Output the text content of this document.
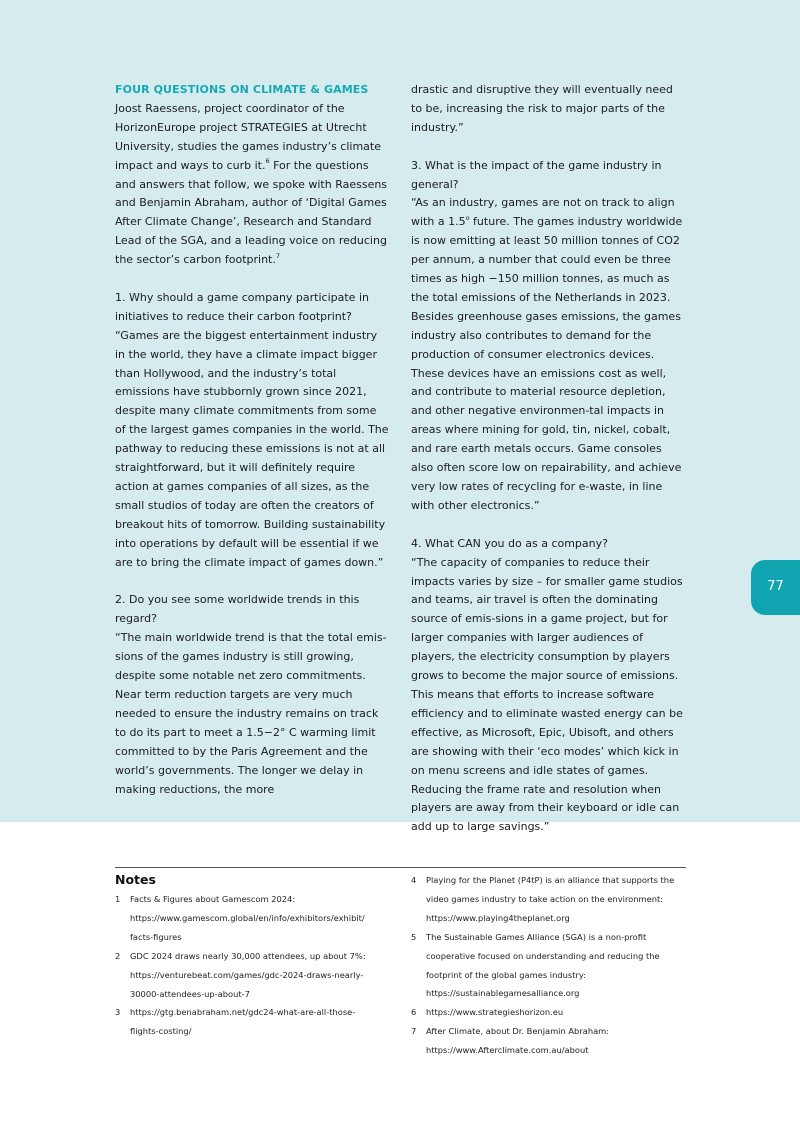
FOUR QUESTIONS ON CLIMATE & GAMES

Joost Raessens, project coordinator of the HorizonEurope project STRATEGIES at Utrecht University, studies the games industry’s climate impact and ways to curb it.$^6$ For the questions and answers that follow, we spoke with Raessens and Benjamin Abraham, author of ‘Digital Games After Climate Change’, Research and Standard Lead of the SGA, and a leading voice on reducing the sector’s carbon footprint.$^7$

1. Why should a game company participate in initiatives to reduce their carbon footprint?

“Games are the biggest entertainment industry in the world, they have a climate impact bigger than Hollywood, and the industry’s total emissions have stubbornly grown since 2021, despite many climate commitments from some of the largest games companies in the world. The pathway to reducing these emissions is not at all straightforward, but it will definitely require action at games companies of all sizes, as the small studios of today are often the creators of breakout hits of tomorrow. Building sustainability into operations by default will be essential if we are to bring the climate impact of games down.”

2. Do you see some worldwide trends in this regard?

“The main worldwide trend is that the total emis-sions of the games industry is still growing, despite some notable net zero commitments. Near term reduction targets are very much needed to ensure the industry remains on track to do its part to meet a 1.5−2° C warming limit committed to by the Paris Agreement and the world’s governments. The longer we delay in making reductions, the more

drastic and disruptive they will eventually need to be, increasing the risk to major parts of the industry.”

3. What is the impact of the game industry in general?

“As an industry, games are not on track to align with a 1.5$^o$ future. The games industry worldwide is now emitting at least 50 million tonnes of CO2 per annum, a number that could even be three times as high −150 million tonnes, as much as the total emissions of the Netherlands in 2023. Besides greenhouse gases emissions, the games industry also contributes to demand for the production of consumer electronics devices. These devices have an emissions cost as well, and contribute to material resource depletion, and other negative environmen-tal impacts in areas where mining for gold, tin, nickel, cobalt, and rare earth metals occurs. Game consoles also often score low on repairability, and achieve very low rates of recycling for e-waste, in line with other electronics.”

4. What CAN you do as a company?

“The capacity of companies to reduce their impacts varies by size – for smaller game studios and teams, air travel is often the dominating source of emis-sions in a game project, but for larger companies with larger audiences of players, the electricity consumption by players grows to become the major source of emissions. This means that efforts to increase software efficiency and to eliminate wasted energy can be effective, as Microsoft, Epic, Ubisoft, and others are showing with their ‘eco modes’ which kick in on menu screens and idle states of games. Reducing the frame rate and resolution when players are away from their keyboard or idle can add up to large savings.”

77
Notes
1 Facts & Figures about Gamescom 2024:
https://www.gamescom.global/en/info/exhibitors/exhibit/
facts-figures
2 GDC 2024 draws nearly 30,000 attendees, up about 7%:
https://venturebeat.com/games/gdc-2024-draws-nearly-
30000-attendees-up-about-7
3 https://gtg.benabraham.net/gdc24-what-are-all-those-
flights-costing/
4 Playing for the Planet (P4tP) is an alliance that supports the
video games industry to take action on the environment:
https://www.playing4theplanet.org
5 The Sustainable Games Alliance (SGA) is a non-profit
cooperative focused on understanding and reducing the
footprint of the global games industry:
https://sustainablegamesalliance.org
6 https://www.strategieshorizon.eu
7 After Climate, about Dr. Benjamin Abraham:
https://www.Afterclimate.com.au/about
